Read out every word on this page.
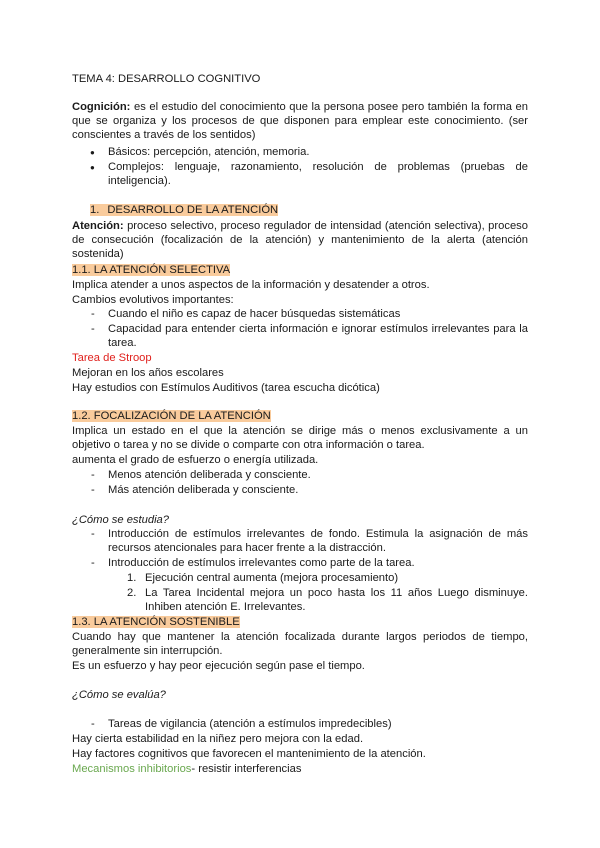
TEMA 4: DESARROLLO COGNITIVO
Cognición: es el estudio del conocimiento que la persona posee pero también la forma en que se organiza y los procesos de que disponen para emplear este conocimiento. (ser conscientes a través de los sentidos)
● Básicos: percepción, atención, memoria.
● Complejos: lenguaje, razonamiento, resolución de problemas (pruebas de inteligencia).
1. DESARROLLO DE LA ATENCIÓN
Atención: proceso selectivo, proceso regulador de intensidad (atención selectiva), proceso de consecución (focalización de la atención) y mantenimiento de la alerta (atención sostenida)
1.1. LA ATENCIÓN SELECTIVA
Implica atender a unos aspectos de la información y desatender a otros.
Cambios evolutivos importantes:
- Cuando el niño es capaz de hacer búsquedas sistemáticas
- Capacidad para entender cierta información e ignorar estímulos irrelevantes para la tarea.
Tarea de Stroop
Mejoran en los años escolares
Hay estudios con Estímulos Auditivos (tarea escucha dicótica)
1.2. FOCALIZACIÓN DE LA ATENCIÓN
Implica un estado en el que la atención se dirige más o menos exclusivamente a un objetivo o tarea y no se divide o comparte con otra información o tarea.
aumenta el grado de esfuerzo o energía utilizada.
- Menos atención deliberada y consciente.
- Más atención deliberada y consciente.
¿Cómo se estudia?
- Introducción de estímulos irrelevantes de fondo. Estimula la asignación de más recursos atencionales para hacer frente a la distracción.
- Introducción de estímulos irrelevantes como parte de la tarea.
1. Ejecución central aumenta (mejora procesamiento)
2. La Tarea Incidental mejora un poco hasta los 11 años Luego disminuye. Inhiben atención E. Irrelevantes.
1.3. LA ATENCIÓN SOSTENIBLE
Cuando hay que mantener la atención focalizada durante largos periodos de tiempo, generalmente sin interrupción.
Es un esfuerzo y hay peor ejecución según pase el tiempo.
¿Cómo se evalúa?
- Tareas de vigilancia (atención a estímulos impredecibles)
Hay cierta estabilidad en la niñez pero mejora con la edad.
Hay factores cognitivos que favorecen el mantenimiento de la atención.
Mecanismos inhibitorios- resistir interferencias
